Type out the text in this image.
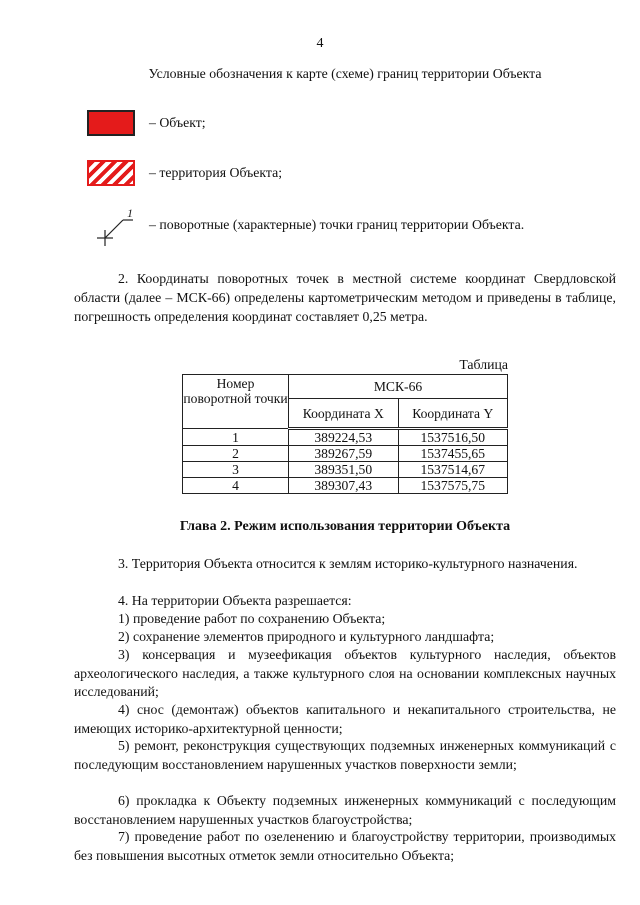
4
Условные обозначения к карте (схеме) границ территории Объекта
– Объект;
– территория Объекта;
1
– поворотные (характерные) точки границ территории Объекта.
2. Координаты поворотных точек в местной системе координат Свердловской области (далее – МСК-66) определены картометрическим методом и приведены в таблице, погрешность определения координат составляет 0,25 метра.
Таблица
Номер поворотной точки	МСК-66	
	Координата X	Координата Y
1	389224,53	1537516,50
2	389267,59	1537455,65
3	389351,50	1537514,67
4	389307,43	1537575,75
Глава 2. Режим использования территории Объекта
3. Территория Объекта относится к землям историко-культурного назначения.
4. На территории Объекта разрешается:
1) проведение работ по сохранению Объекта;
2) сохранение элементов природного и культурного ландшафта;
3) консервация и музеефикация объектов культурного наследия, объектов археологического наследия, а также культурного слоя на основании комплексных научных исследований;
4) снос (демонтаж) объектов капитального и некапитального строительства, не имеющих историко-архитектурной ценности;
5) ремонт, реконструкция существующих подземных инженерных коммуникаций с последующим восстановлением нарушенных участков поверхности земли;
6) прокладка к Объекту подземных инженерных коммуникаций с последующим восстановлением нарушенных участков благоустройства;
7) проведение работ по озеленению и благоустройству территории, производимых без повышения высотных отметок земли относительно Объекта;
